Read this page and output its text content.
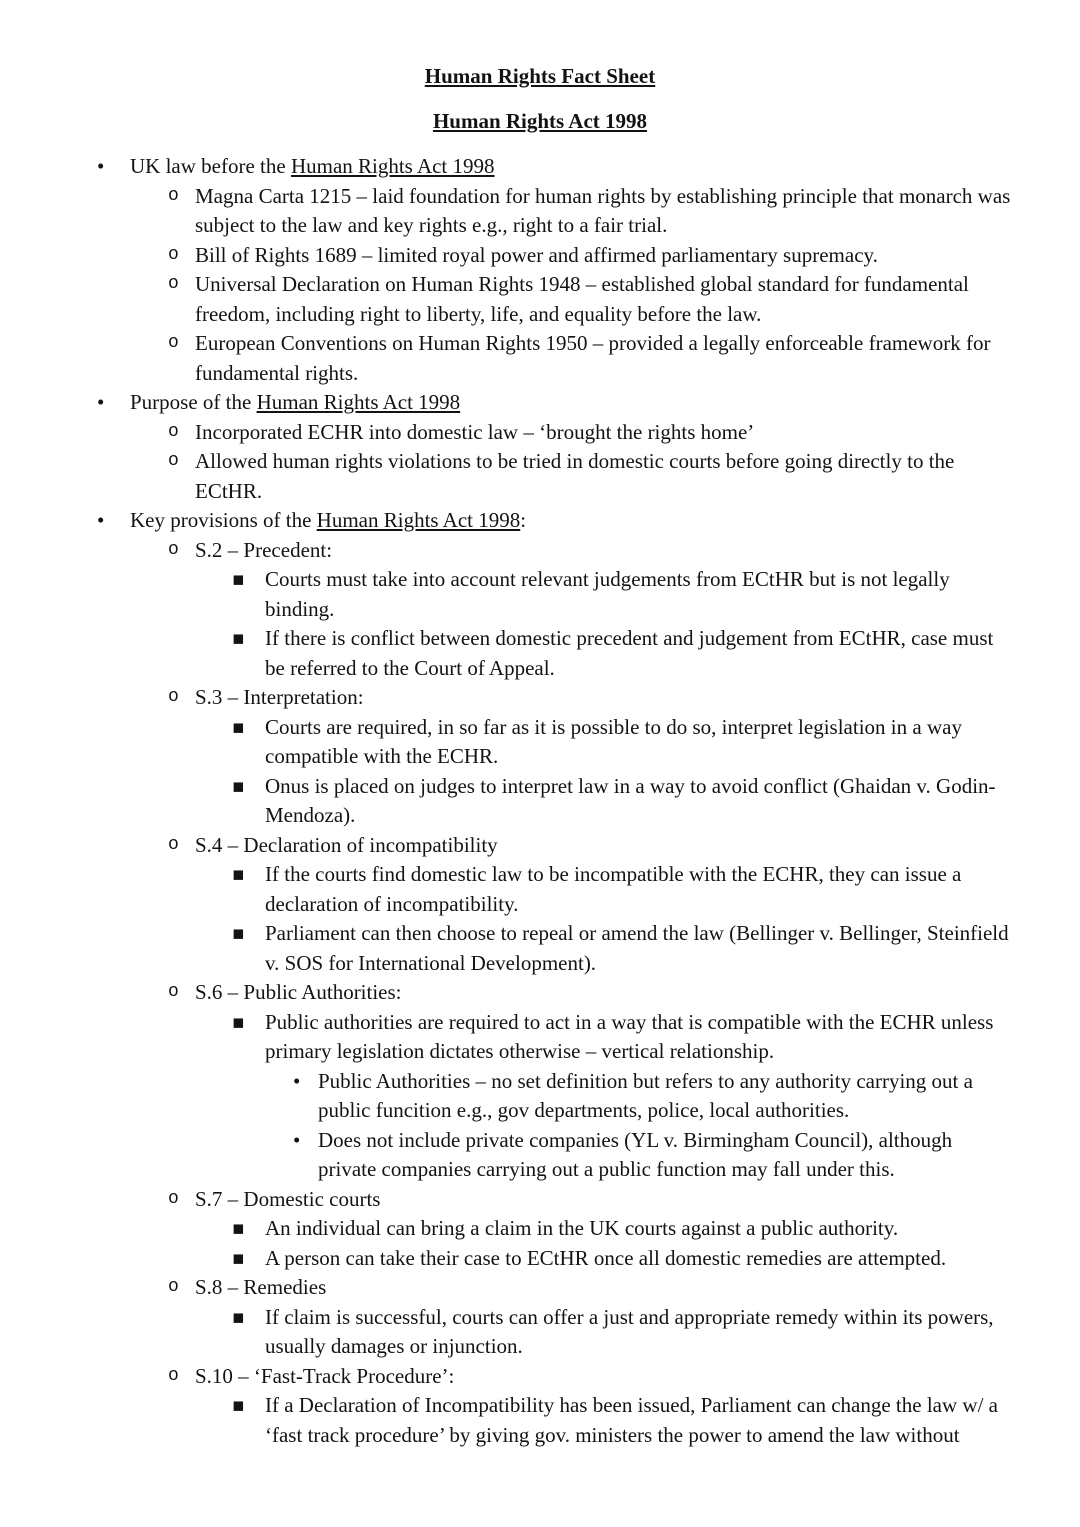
Human Rights Fact Sheet
Human Rights Act 1998
• UK law before the Human Rights Act 1998
o Magna Carta 1215 – laid foundation for human rights by establishing principle that monarch was subject to the law and key rights e.g., right to a fair trial.
o Bill of Rights 1689 – limited royal power and affirmed parliamentary supremacy.
o Universal Declaration on Human Rights 1948 – established global standard for fundamental freedom, including right to liberty, life, and equality before the law.
o European Conventions on Human Rights 1950 – provided a legally enforceable framework for fundamental rights.
• Purpose of the Human Rights Act 1998
o Incorporated ECHR into domestic law – ‘brought the rights home’
o Allowed human rights violations to be tried in domestic courts before going directly to the ECtHR.
• Key provisions of the Human Rights Act 1998:
o S.2 – Precedent:
▪ Courts must take into account relevant judgements from ECtHR but is not legally binding.
▪ If there is conflict between domestic precedent and judgement from ECtHR, case must be referred to the Court of Appeal.
o S.3 – Interpretation:
▪ Courts are required, in so far as it is possible to do so, interpret legislation in a way compatible with the ECHR.
▪ Onus is placed on judges to interpret law in a way to avoid conflict (Ghaidan v. Godin-Mendoza).
o S.4 – Declaration of incompatibility
▪ If the courts find domestic law to be incompatible with the ECHR, they can issue a declaration of incompatibility.
▪ Parliament can then choose to repeal or amend the law (Bellinger v. Bellinger, Steinfield v. SOS for International Development).
o S.6 – Public Authorities:
▪ Public authorities are required to act in a way that is compatible with the ECHR unless primary legislation dictates otherwise – vertical relationship.
• Public Authorities – no set definition but refers to any authority carrying out a public funcition e.g., gov departments, police, local authorities.
• Does not include private companies (YL v. Birmingham Council), although private companies carrying out a public function may fall under this.
o S.7 – Domestic courts
▪ An individual can bring a claim in the UK courts against a public authority.
▪ A person can take their case to ECtHR once all domestic remedies are attempted.
o S.8 – Remedies
▪ If claim is successful, courts can offer a just and appropriate remedy within its powers, usually damages or injunction.
o S.10 – ‘Fast-Track Procedure’:
▪ If a Declaration of Incompatibility has been issued, Parliament can change the law w/ a ‘fast track procedure’ by giving gov. ministers the power to amend the law without
